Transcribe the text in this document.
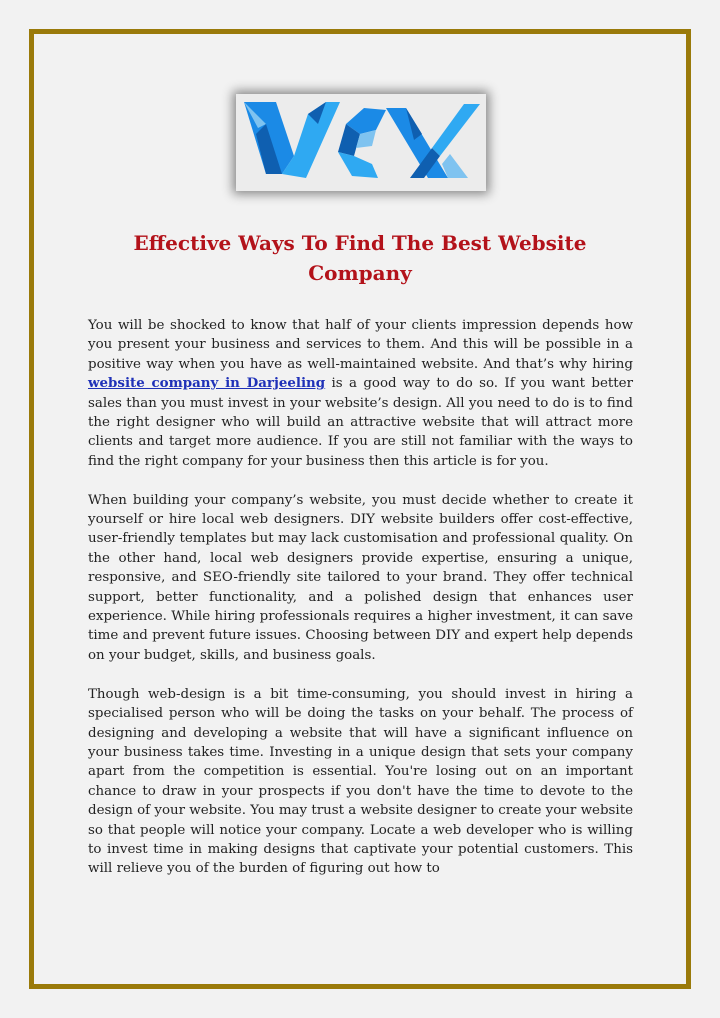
Effective Ways To Find The Best Website
Company

You will be shocked to know that half of your clients impression depends how you present your business and services to them. And this will be possible in a positive way when you have as well-maintained website. And that’s why hiring website company in Darjeeling is a good way to do so. If you want better sales than you must invest in your website’s design. All you need to do is to find the right designer who will build an attractive website that will attract more clients and target more audience. If you are still not familiar with the ways to find the right company for your business then this article is for you.

When building your company’s website, you must decide whether to create it yourself or hire local web designers. DIY website builders offer cost-effective, user-friendly templates but may lack customisation and professional quality. On the other hand, local web designers provide expertise, ensuring a unique, responsive, and SEO-friendly site tailored to your brand. They offer technical support, better functionality, and a polished design that enhances user experience. While hiring professionals requires a higher investment, it can save time and prevent future issues. Choosing between DIY and expert help depends on your budget, skills, and business goals.

Though web-design is a bit time-consuming, you should invest in hiring a specialised person who will be doing the tasks on your behalf. The process of designing and developing a website that will have a significant influence on your business takes time. Investing in a unique design that sets your company apart from the competition is essential. You're losing out on an important chance to draw in your prospects if you don't have the time to devote to the design of your website. You may trust a website designer to create your website so that people will notice your company. Locate a web developer who is willing to invest time in making designs that captivate your potential customers. This will relieve you of the burden of figuring out how to
